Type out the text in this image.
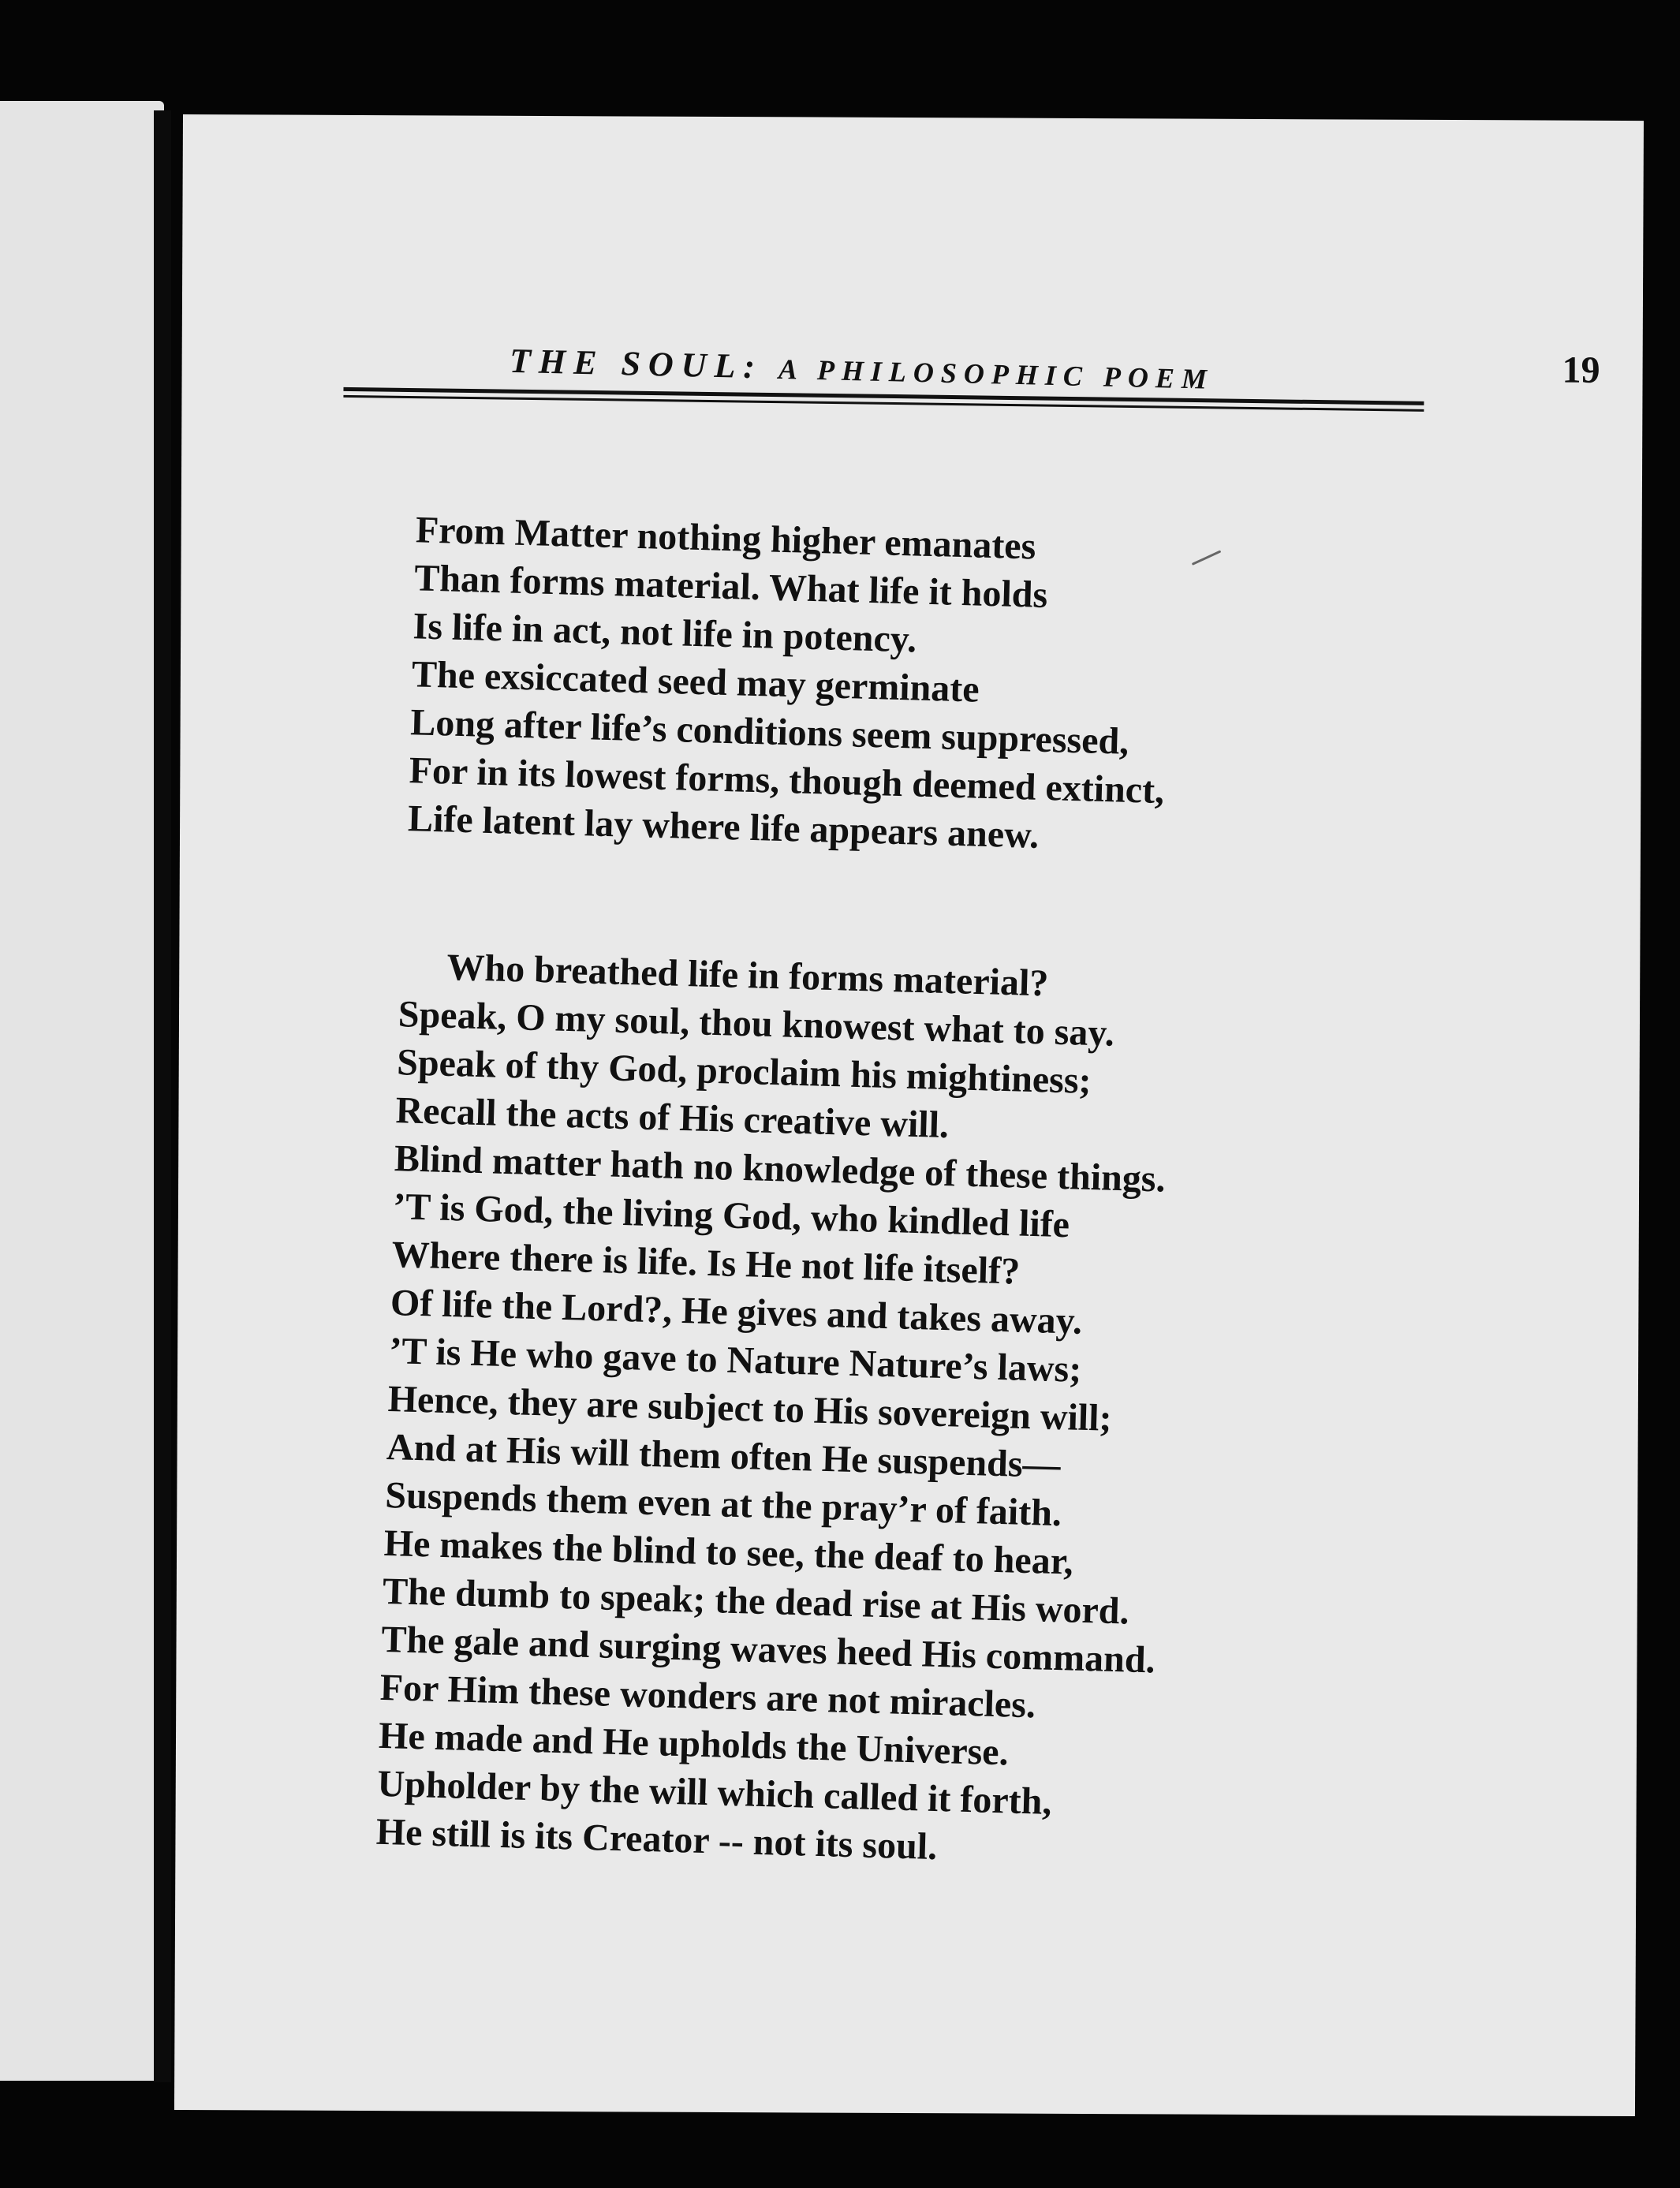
THE SOUL: A PHILOSOPHIC POEM	19
From Matter nothing higher emanates
Than forms material. What life it holds
Is life in act, not life in potency.
The exsiccated seed may germinate
Long after life’s conditions seem suppressed,
For in its lowest forms, though deemed extinct,
Life latent lay where life appears anew.
Who breathed life in forms material?
Speak, O my soul, thou knowest what to say.
Speak of thy God, proclaim his mightiness;
Recall the acts of His creative will.
Blind matter hath no knowledge of these things.
’T is God, the living God, who kindled life
Where there is life. Is He not life itself?
Of life the Lord?, He gives and takes away.
’T is He who gave to Nature Nature’s laws;
Hence, they are subject to His sovereign will;
And at His will them often He suspends—
Suspends them even at the pray’r of faith.
He makes the blind to see, the deaf to hear,
The dumb to speak; the dead rise at His word.
The gale and surging waves heed His command.
For Him these wonders are not miracles.
He made and He upholds the Universe.
Upholder by the will which called it forth,
He still is its Creator -- not its soul.
